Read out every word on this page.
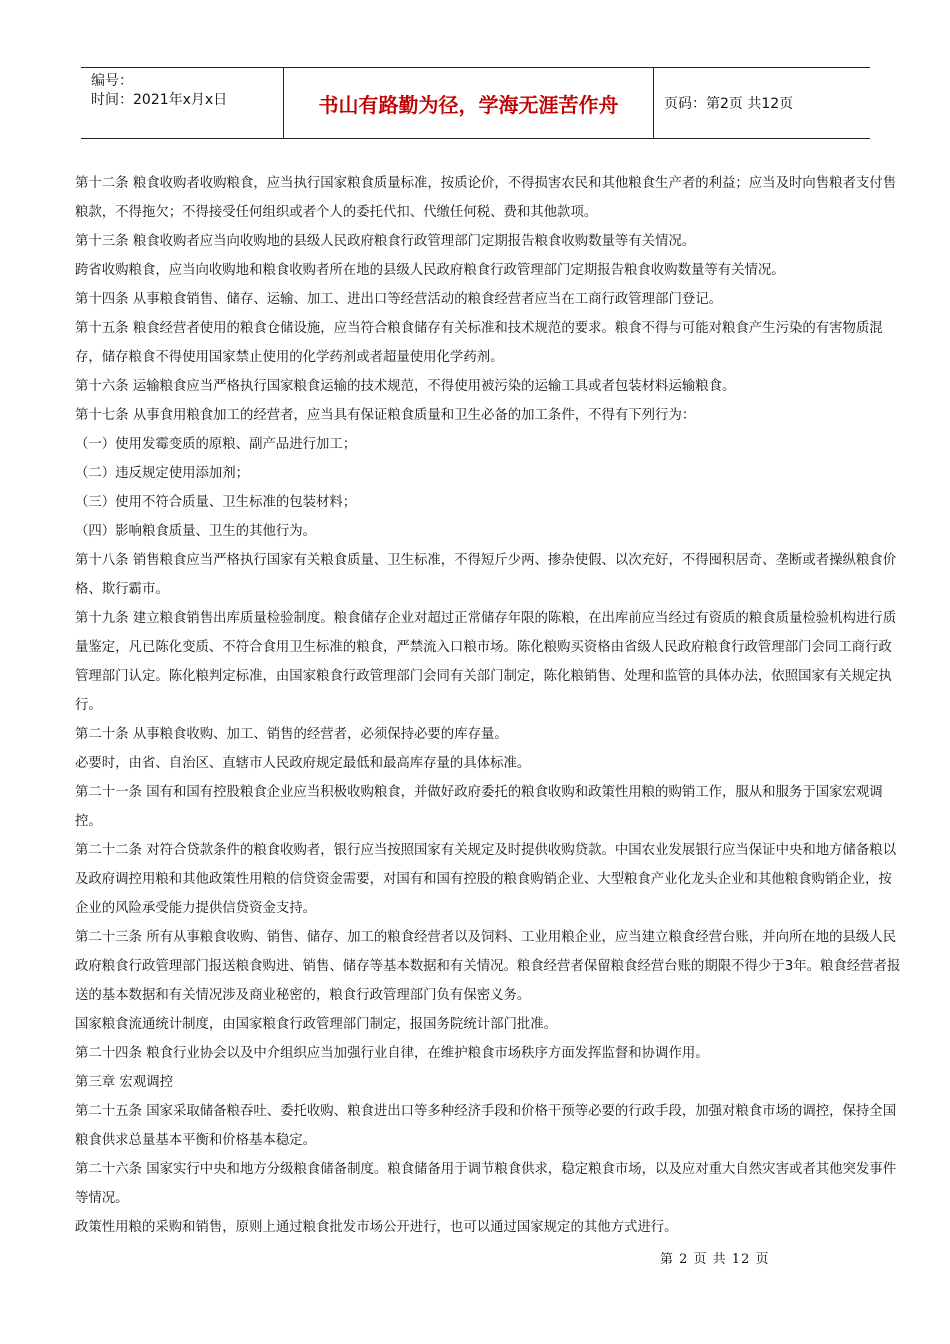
编号：
时间：2021年x月x日	书山有路勤为径，学海无涯苦作舟	页码：第2页 共12页

第十二条 粮食收购者收购粮食，应当执行国家粮食质量标准，按质论价，不得损害农民和其他粮食生产者的利益；应当及时向售粮者支付售粮款，不得拖欠；不得接受任何组织或者个人的委托代扣、代缴任何税、费和其他款项。

第十三条 粮食收购者应当向收购地的县级人民政府粮食行政管理部门定期报告粮食收购数量等有关情况。

跨省收购粮食，应当向收购地和粮食收购者所在地的县级人民政府粮食行政管理部门定期报告粮食收购数量等有关情况。

第十四条 从事粮食销售、储存、运输、加工、进出口等经营活动的粮食经营者应当在工商行政管理部门登记。

第十五条 粮食经营者使用的粮食仓储设施，应当符合粮食储存有关标准和技术规范的要求。粮食不得与可能对粮食产生污染的有害物质混存，储存粮食不得使用国家禁止使用的化学药剂或者超量使用化学药剂。

第十六条 运输粮食应当严格执行国家粮食运输的技术规范，不得使用被污染的运输工具或者包装材料运输粮食。

第十七条 从事食用粮食加工的经营者，应当具有保证粮食质量和卫生必备的加工条件，不得有下列行为：

（一）使用发霉变质的原粮、副产品进行加工；

（二）违反规定使用添加剂；

（三）使用不符合质量、卫生标准的包装材料；

（四）影响粮食质量、卫生的其他行为。

第十八条 销售粮食应当严格执行国家有关粮食质量、卫生标准，不得短斤少两、掺杂使假、以次充好，不得囤积居奇、垄断或者操纵粮食价格、欺行霸市。

第十九条 建立粮食销售出库质量检验制度。粮食储存企业对超过正常储存年限的陈粮，在出库前应当经过有资质的粮食质量检验机构进行质量鉴定，凡已陈化变质、不符合食用卫生标准的粮食，严禁流入口粮市场。陈化粮购买资格由省级人民政府粮食行政管理部门会同工商行政管理部门认定。陈化粮判定标准，由国家粮食行政管理部门会同有关部门制定，陈化粮销售、处理和监管的具体办法，依照国家有关规定执行。

第二十条 从事粮食收购、加工、销售的经营者，必须保持必要的库存量。

必要时，由省、自治区、直辖市人民政府规定最低和最高库存量的具体标准。

第二十一条 国有和国有控股粮食企业应当积极收购粮食，并做好政府委托的粮食收购和政策性用粮的购销工作，服从和服务于国家宏观调控。

第二十二条 对符合贷款条件的粮食收购者，银行应当按照国家有关规定及时提供收购贷款。中国农业发展银行应当保证中央和地方储备粮以及政府调控用粮和其他政策性用粮的信贷资金需要，对国有和国有控股的粮食购销企业、大型粮食产业化龙头企业和其他粮食购销企业，按企业的风险承受能力提供信贷资金支持。

第二十三条 所有从事粮食收购、销售、储存、加工的粮食经营者以及饲料、工业用粮企业，应当建立粮食经营台账，并向所在地的县级人民政府粮食行政管理部门报送粮食购进、销售、储存等基本数据和有关情况。粮食经营者保留粮食经营台账的期限不得少于3年。粮食经营者报送的基本数据和有关情况涉及商业秘密的，粮食行政管理部门负有保密义务。

国家粮食流通统计制度，由国家粮食行政管理部门制定，报国务院统计部门批准。

第二十四条 粮食行业协会以及中介组织应当加强行业自律，在维护粮食市场秩序方面发挥监督和协调作用。

第三章 宏观调控

第二十五条 国家采取储备粮吞吐、委托收购、粮食进出口等多种经济手段和价格干预等必要的行政手段，加强对粮食市场的调控，保持全国粮食供求总量基本平衡和价格基本稳定。

第二十六条 国家实行中央和地方分级粮食储备制度。粮食储备用于调节粮食供求，稳定粮食市场，以及应对重大自然灾害或者其他突发事件等情况。

政策性用粮的采购和销售，原则上通过粮食批发市场公开进行，也可以通过国家规定的其他方式进行。

第 2 页 共 12 页
